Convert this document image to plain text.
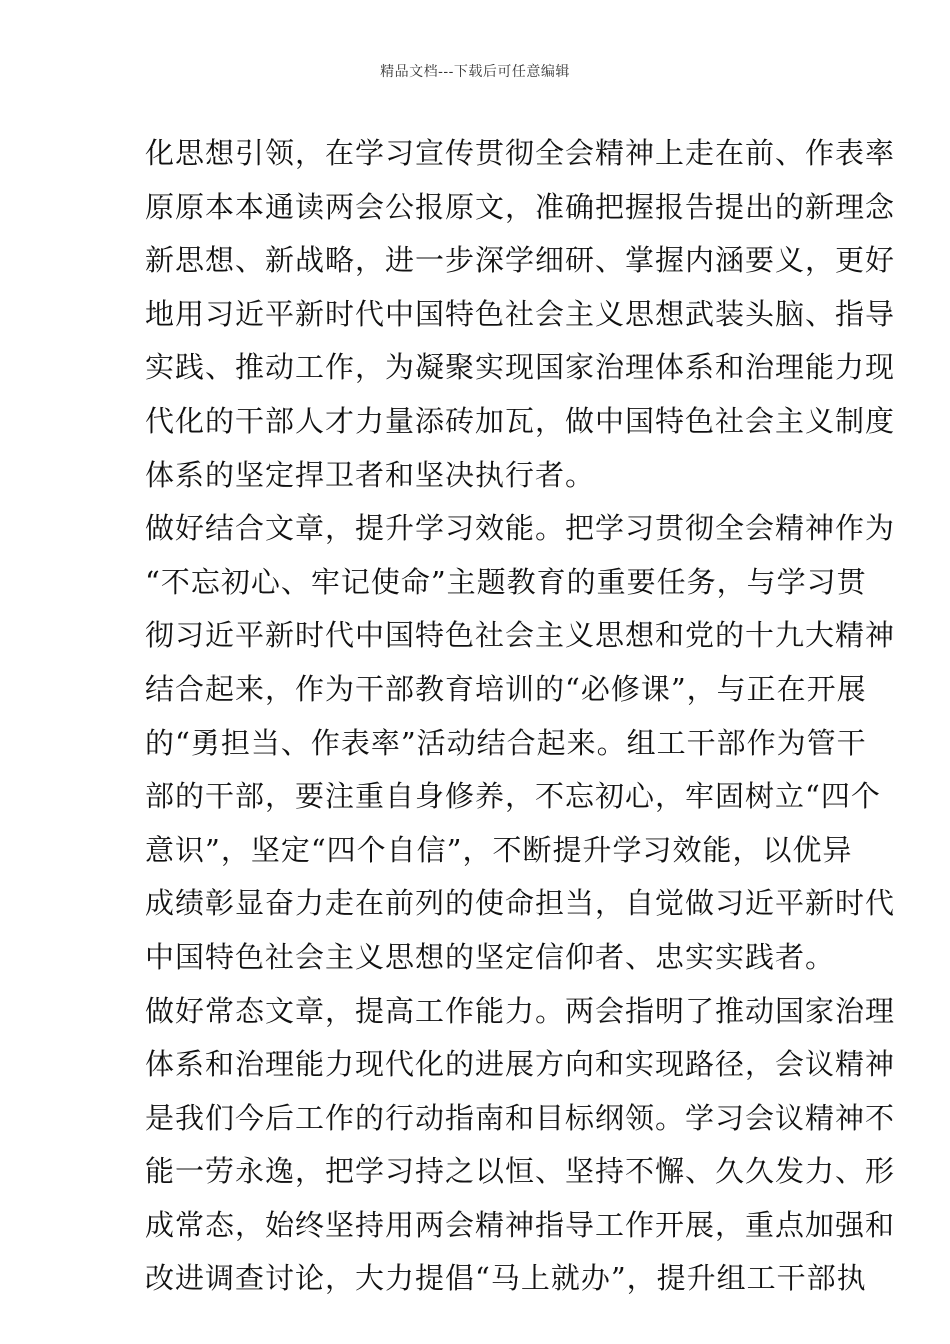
精品文档---下载后可任意编辑
化思想引领，在学习宣传贯彻全会精神上走在前、作表率
原原本本通读两会公报原文，准确把握报告提出的新理念
新思想、新战略，进一步深学细研、掌握内涵要义，更好
地用习近平新时代中国特色社会主义思想武装头脑、指导
实践、推动工作，为凝聚实现国家治理体系和治理能力现
代化的干部人才力量添砖加瓦，做中国特色社会主义制度
体系的坚定捍卫者和坚决执行者。
做好结合文章，提升学习效能。把学习贯彻全会精神作为
“不忘初心、牢记使命”主题教育的重要任务，与学习贯
彻习近平新时代中国特色社会主义思想和党的十九大精神
结合起来，作为干部教育培训的“必修课”，与正在开展
的“勇担当、作表率”活动结合起来。组工干部作为管干
部的干部，要注重自身修养，不忘初心，牢固树立“四个
意识”，坚定“四个自信”，不断提升学习效能，以优异
成绩彰显奋力走在前列的使命担当，自觉做习近平新时代
中国特色社会主义思想的坚定信仰者、忠实实践者。
做好常态文章，提高工作能力。两会指明了推动国家治理
体系和治理能力现代化的进展方向和实现路径，会议精神
是我们今后工作的行动指南和目标纲领。学习会议精神不
能一劳永逸，把学习持之以恒、坚持不懈、久久发力、形
成常态，始终坚持用两会精神指导工作开展，重点加强和
改进调查讨论，大力提倡“马上就办”，提升组工干部执
